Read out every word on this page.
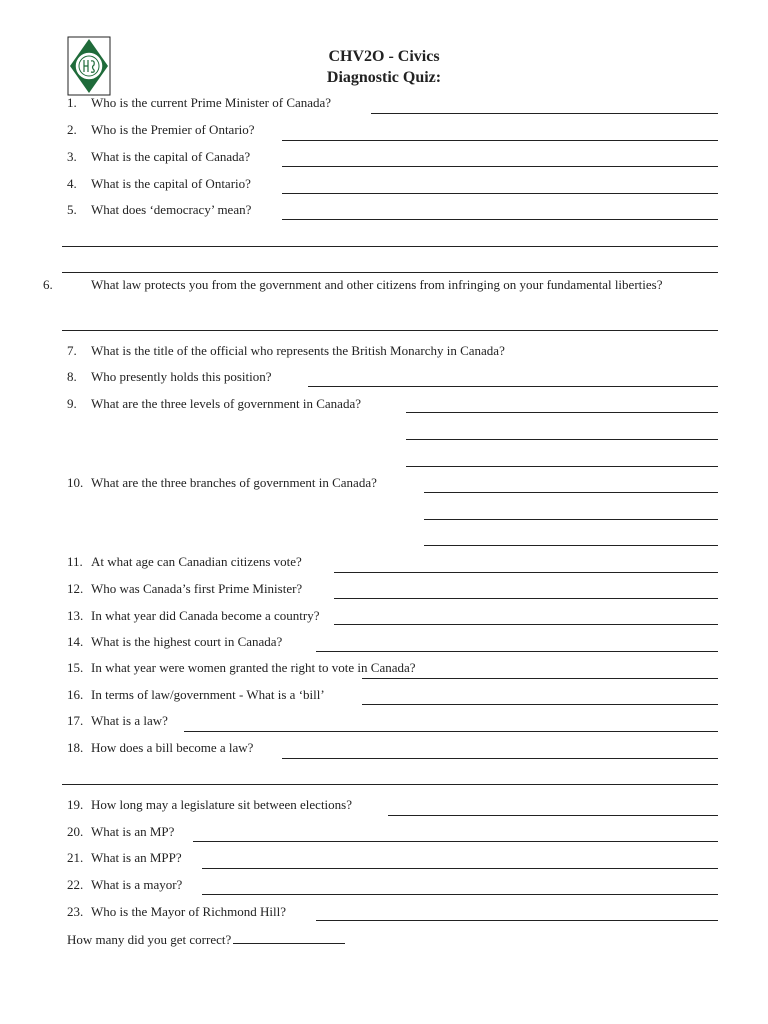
CHV2O - Civics
Diagnostic Quiz:
1. Who is the current Prime Minister of Canada?
2. Who is the Premier of Ontario?
3. What is the capital of Canada?
4. What is the capital of Ontario?
5. What does ‘democracy’ mean?
6.	What law protects you from the government and other citizens from infringing on your fundamental liberties?
7. What is the title of the official who represents the British Monarchy in Canada?
8. Who presently holds this position?
9. What are the three levels of government in Canada?
10. What are the three branches of government in Canada?
11. At what age can Canadian citizens vote?
12. Who was Canada’s first Prime Minister?
13. In what year did Canada become a country?
14. What is the highest court in Canada?
15. In what year were women granted the right to vote in Canada?
16. In terms of law/government - What is a ‘bill’
17. What is a law?
18. How does a bill become a law?
19. How long may a legislature sit between elections?
20. What is an MP?
21. What is an MPP?
22. What is a mayor?
23. Who is the Mayor of Richmond Hill?
How many did you get correct?
